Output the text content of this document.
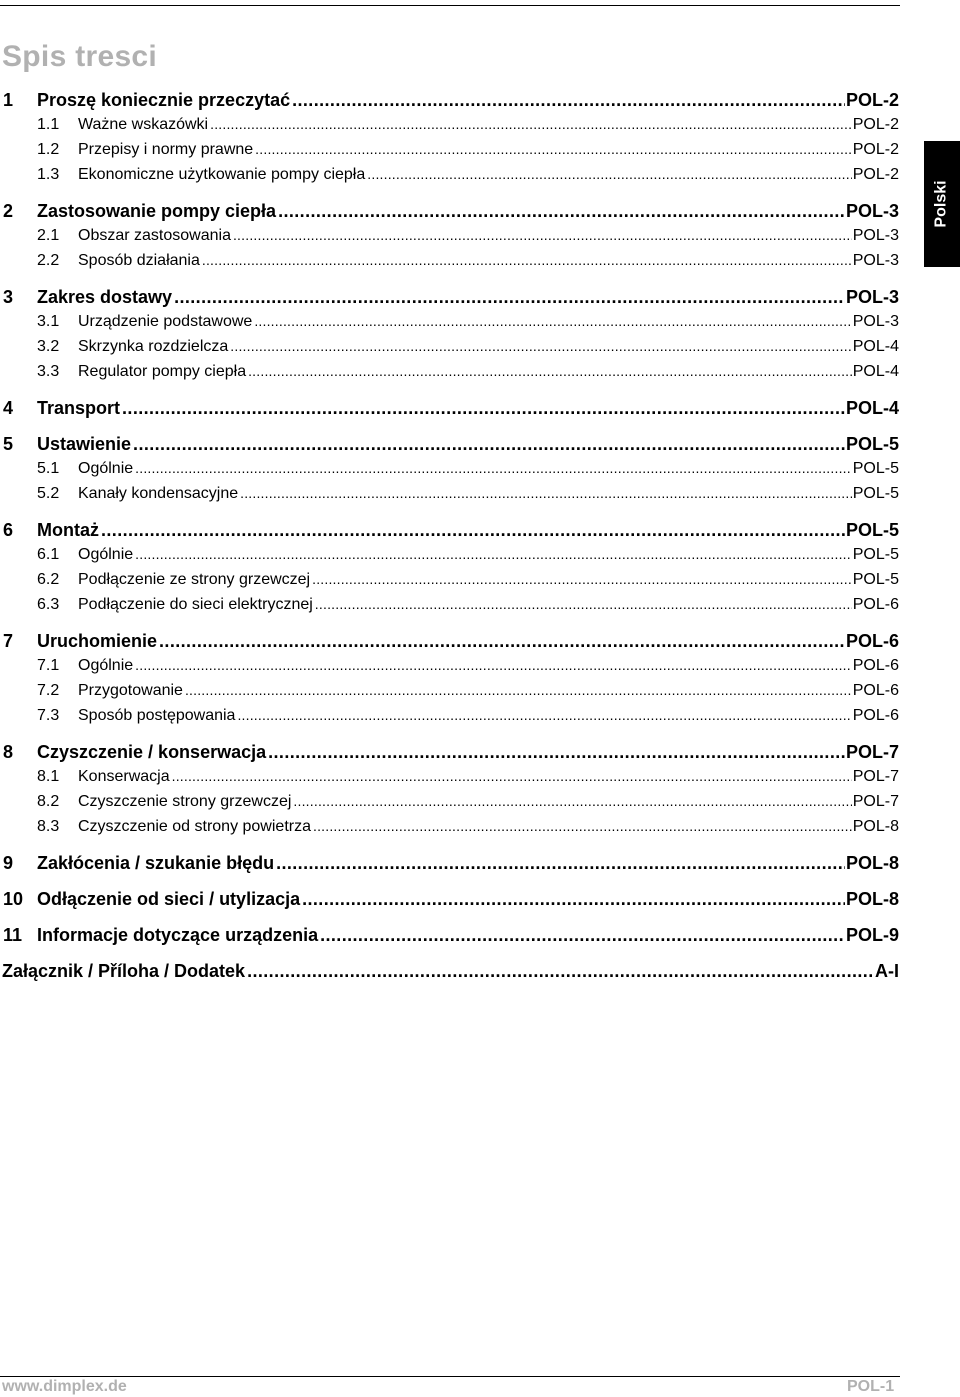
Spis tresci
Polski
1	Proszę koniecznie przeczytać .....	POL-2
1.1	Ważne wskazówki .....	POL-2
1.2	Przepisy i normy prawne .....	POL-2
1.3	Ekonomiczne użytkowanie pompy ciepła .....	POL-2
2	Zastosowanie pompy ciepła .....	POL-3
2.1	Obszar zastosowania .....	POL-3
2.2	Sposób działania .....	POL-3
3	Zakres dostawy .....	POL-3
3.1	Urządzenie podstawowe .....	POL-3
3.2	Skrzynka rozdzielcza .....	POL-4
3.3	Regulator pompy ciepła .....	POL-4
4	Transport .....	POL-4
5	Ustawienie .....	POL-5
5.1	Ogólnie .....	POL-5
5.2	Kanały kondensacyjne .....	POL-5
6	Montaż .....	POL-5
6.1	Ogólnie .....	POL-5
6.2	Podłączenie ze strony grzewczej .....	POL-5
6.3	Podłączenie do sieci elektrycznej .....	POL-6
7	Uruchomienie .....	POL-6
7.1	Ogólnie .....	POL-6
7.2	Przygotowanie .....	POL-6
7.3	Sposób postępowania .....	POL-6
8	Czyszczenie / konserwacja .....	POL-7
8.1	Konserwacja .....	POL-7
8.2	Czyszczenie strony grzewczej .....	POL-7
8.3	Czyszczenie od strony powietrza .....	POL-8
9	Zakłócenia / szukanie błędu .....	POL-8
10 Odłączenie od sieci / utylizacja .....	POL-8
11 Informacje dotyczące urządzenia .....	POL-9
Załącznik / Příloha / Dodatek .....	A-I
www.dimplex.de	POL-1
